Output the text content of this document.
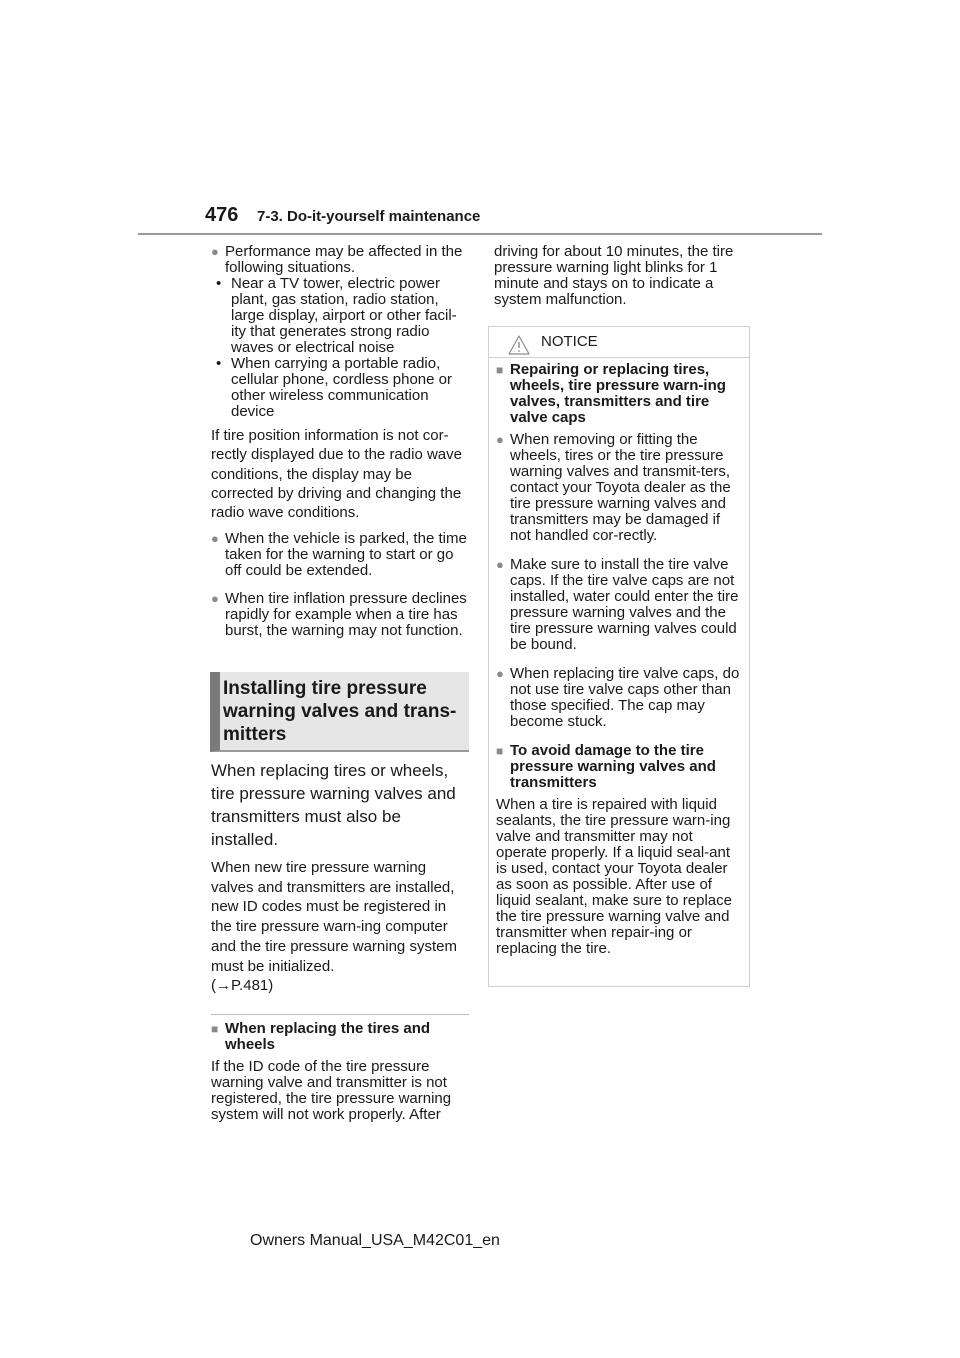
476 7-3. Do-it-yourself maintenance
● Performance may be affected in the following situations.
• Near a TV tower, electric power plant, gas station, radio station, large display, airport or other facil-ity that generates strong radio waves or electrical noise
• When carrying a portable radio, cellular phone, cordless phone or other wireless communication device
If tire position information is not cor-rectly displayed due to the radio wave conditions, the display may be corrected by driving and changing the radio wave conditions.
● When the vehicle is parked, the time taken for the warning to start or go off could be extended.
● When tire inflation pressure declines rapidly for example when a tire has burst, the warning may not function.
Installing tire pressure warning valves and trans-mitters
When replacing tires or wheels, tire pressure warning valves and transmitters must also be installed.
When new tire pressure warning valves and transmitters are installed, new ID codes must be registered in the tire pressure warn-ing computer and the tire pressure warning system must be initialized.
(→P.481)
■ When replacing the tires and wheels
If the ID code of the tire pressure warning valve and transmitter is not registered, the tire pressure warning system will not work properly. After
driving for about 10 minutes, the tire pressure warning light blinks for 1 minute and stays on to indicate a system malfunction.
NOTICE
■ Repairing or replacing tires, wheels, tire pressure warn-ing valves, transmitters and tire valve caps
● When removing or fitting the wheels, tires or the tire pressure warning valves and transmit-ters, contact your Toyota dealer as the tire pressure warning valves and transmitters may be damaged if not handled cor-rectly.
● Make sure to install the tire valve caps. If the tire valve caps are not installed, water could enter the tire pressure warning valves and the tire pressure warning valves could be bound.
● When replacing tire valve caps, do not use tire valve caps other than those specified. The cap may become stuck.
■ To avoid damage to the tire pressure warning valves and transmitters
When a tire is repaired with liquid sealants, the tire pressure warn-ing valve and transmitter may not operate properly. If a liquid seal-ant is used, contact your Toyota dealer as soon as possible. After use of liquid sealant, make sure to replace the tire pressure warning valve and transmitter when repair-ing or replacing the tire.
Owners Manual_USA_M42C01_en
